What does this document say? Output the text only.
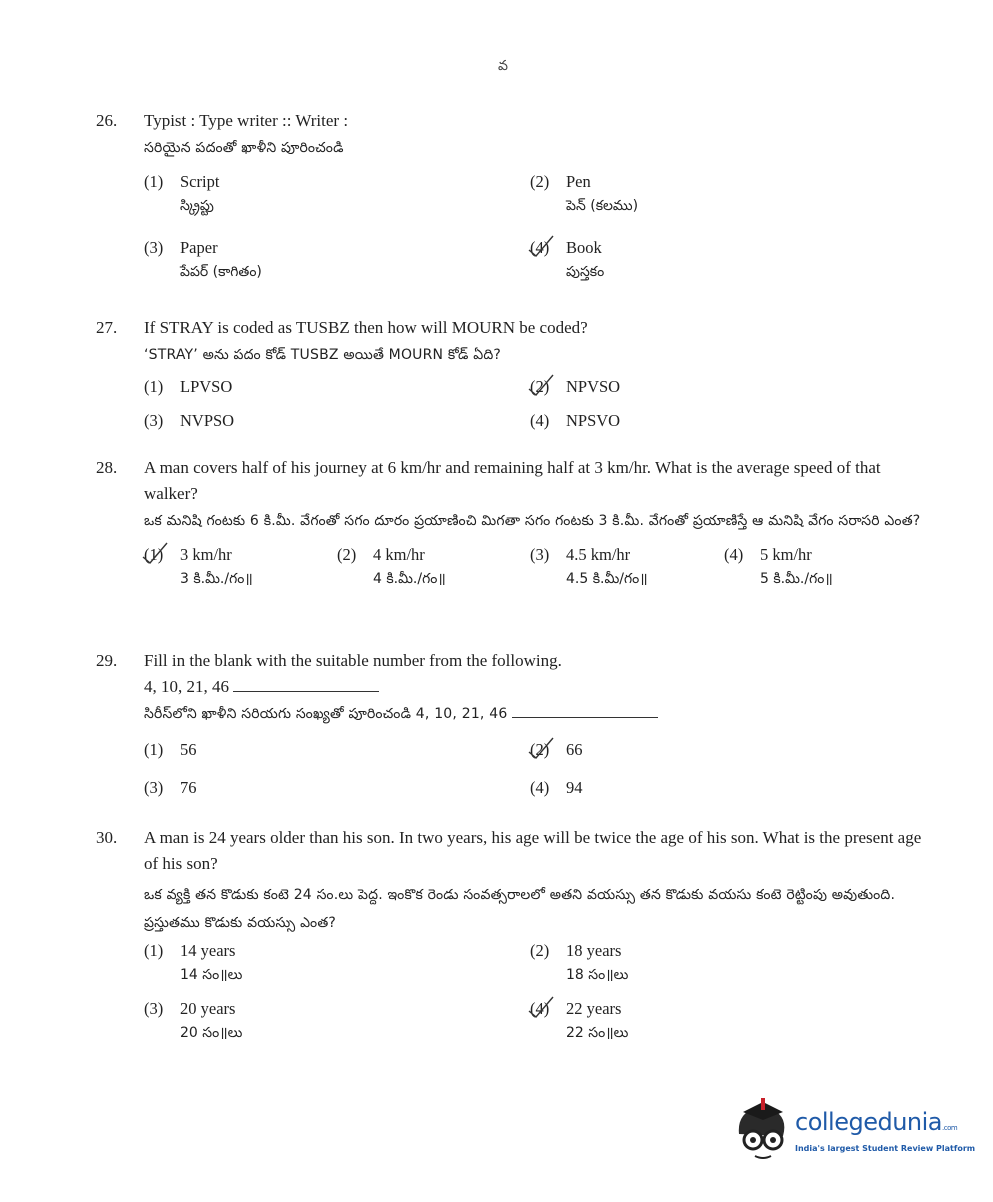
వ
26. Typist : Type writer :: Writer :
సరియైన పదంతో ఖాళీని పూరించండి
(1) Script
స్క్రిప్టు
(2) Pen
పెన్ (కలము)
(3) Paper
పేపర్ (కాగితం)
(4) Book
పుస్తకం
27. If STRAY is coded as TUSBZ then how will MOURN be coded?
‘STRAY’ అను పదం కోడ్ TUSBZ అయితే MOURN కోడ్ ఏది?
(1) LPVSO	(2) NPVSO
(3) NVPSO	(4) NPSVO
28. A man covers half of his journey at 6 km/hr and remaining half at 3 km/hr. What is the average speed of that walker?
ఒక మనిషి గంటకు 6 కి.మీ. వేగంతో సగం దూరం ప్రయాణించి మిగతా సగం గంటకు 3 కి.మీ. వేగంతో ప్రయాణిస్తే ఆ మనిషి వేగం సరాసరి ఎంత?
(1) 3 km/hr
3 కి.మీ./గం॥
(2) 4 km/hr
4 కి.మీ./గం॥
(3) 4.5 km/hr
4.5 కి.మీ/గం॥
(4) 5 km/hr
5 కి.మీ./గం॥
29. Fill in the blank with the suitable number from the following.
4, 10, 21, 46
సిరీస్‌లోని ఖాళీని సరియగు సంఖ్యతో పూరించండి 4, 10, 21, 46
(1) 56	(2) 66
(3) 76	(4) 94
30. A man is 24 years older than his son. In two years, his age will be twice the age of his son. What is the present age of his son?
ఒక వ్యక్తి తన కొడుకు కంటె 24 సం.లు పెద్ద. ఇంకొక రెండు సంవత్సరాలలో అతని వయస్సు తన కొడుకు వయసు కంటె రెట్టింపు అవుతుంది. ప్రస్తుతము కొడుకు వయస్సు ఎంత?
(1) 14 years
14 సం॥లు
(2) 18 years
18 సం॥లు
(3) 20 years
20 సం॥లు
(4) 22 years
22 సం॥లు
collegedunia.com
India's largest Student Review Platform
